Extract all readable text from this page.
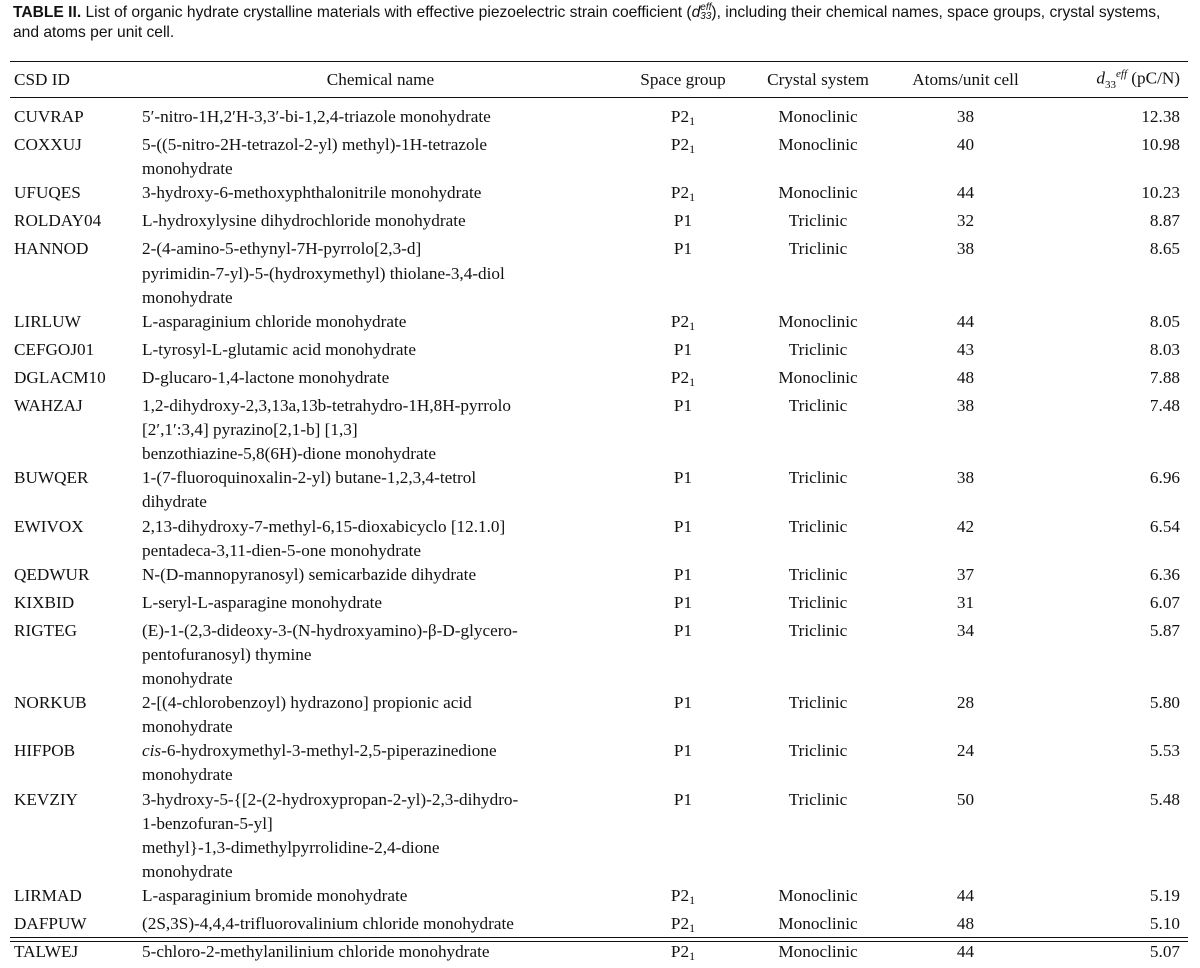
TABLE II. List of organic hydrate crystalline materials with effective piezoelectric strain coefficient (d eff
33 ), including their chemical names, space groups, crystal systems, and atoms per unit cell.
CSD ID	Chemical name	Space group	Crystal system	Atoms/unit cell	$d_{33}^{eff}$ (pC/N)

CUVRAP	5′-nitro-1H,2′H-3,3′-bi-1,2,4-triazole monohydrate	$P2_1$	Monoclinic	38	12.38
COXXUJ	5-((5-nitro-2H-tetrazol-2-yl) methyl)-1H-tetrazole
monohydrate	$P2_1$	Monoclinic	40	10.98
UFUQES	3-hydroxy-6-methoxyphthalonitrile monohydrate	$P2_1$	Monoclinic	44	10.23
ROLDAY04	L-hydroxylysine dihydrochloride monohydrate	P1	Triclinic	32	8.87
HANNOD	2-(4-amino-5-ethynyl-7H-pyrrolo[2,3-d]
pyrimidin-7-yl)-5-(hydroxymethyl) thiolane-3,4-diol
monohydrate	P1	Triclinic	38	8.65
LIRLUW	L-asparaginium chloride monohydrate	$P2_1$	Monoclinic	44	8.05
CEFGOJ01	L-tyrosyl-L-glutamic acid monohydrate	P1	Triclinic	43	8.03
DGLACM10	D-glucaro-1,4-lactone monohydrate	$P2_1$	Monoclinic	48	7.88
WAHZAJ	1,2-dihydroxy-2,3,13a,13b-tetrahydro-1H,8H-pyrrolo
[2′,1′:3,4] pyrazino[2,1-b] [1,3]
benzothiazine-5,8(6H)-dione monohydrate	P1	Triclinic	38	7.48
BUWQER	1-(7-fluoroquinoxalin-2-yl) butane-1,2,3,4-tetrol
dihydrate	P1	Triclinic	38	6.96
EWIVOX	2,13-dihydroxy-7-methyl-6,15-dioxabicyclo [12.1.0]
pentadeca-3,11-dien-5-one monohydrate	P1	Triclinic	42	6.54
QEDWUR	N-(D-mannopyranosyl) semicarbazide dihydrate	P1	Triclinic	37	6.36
KIXBID	L-seryl-L-asparagine monohydrate	P1	Triclinic	31	6.07
RIGTEG	(E)-1-(2,3-dideoxy-3-(N-hydroxyamino)-β-D-glycero-
pentofuranosyl) thymine
monohydrate	P1	Triclinic	34	5.87
NORKUB	2-[(4-chlorobenzoyl) hydrazono] propionic acid
monohydrate	P1	Triclinic	28	5.80
HIFPOB	cis-6-hydroxymethyl-3-methyl-2,5-piperazinedione
monohydrate	P1	Triclinic	24	5.53
KEVZIY	3-hydroxy-5-{[2-(2-hydroxypropan-2-yl)-2,3-dihydro-
1-benzofuran-5-yl]
methyl}-1,3-dimethylpyrrolidine-2,4-dione
monohydrate	P1	Triclinic	50	5.48
LIRMAD	L-asparaginium bromide monohydrate	$P2_1$	Monoclinic	44	5.19
DAFPUW	(2S,3S)-4,4,4-trifluorovalinium chloride monohydrate	$P2_1$	Monoclinic	48	5.10
TALWEJ	5-chloro-2-methylanilinium chloride monohydrate	$P2_1$	Monoclinic	44	5.07
